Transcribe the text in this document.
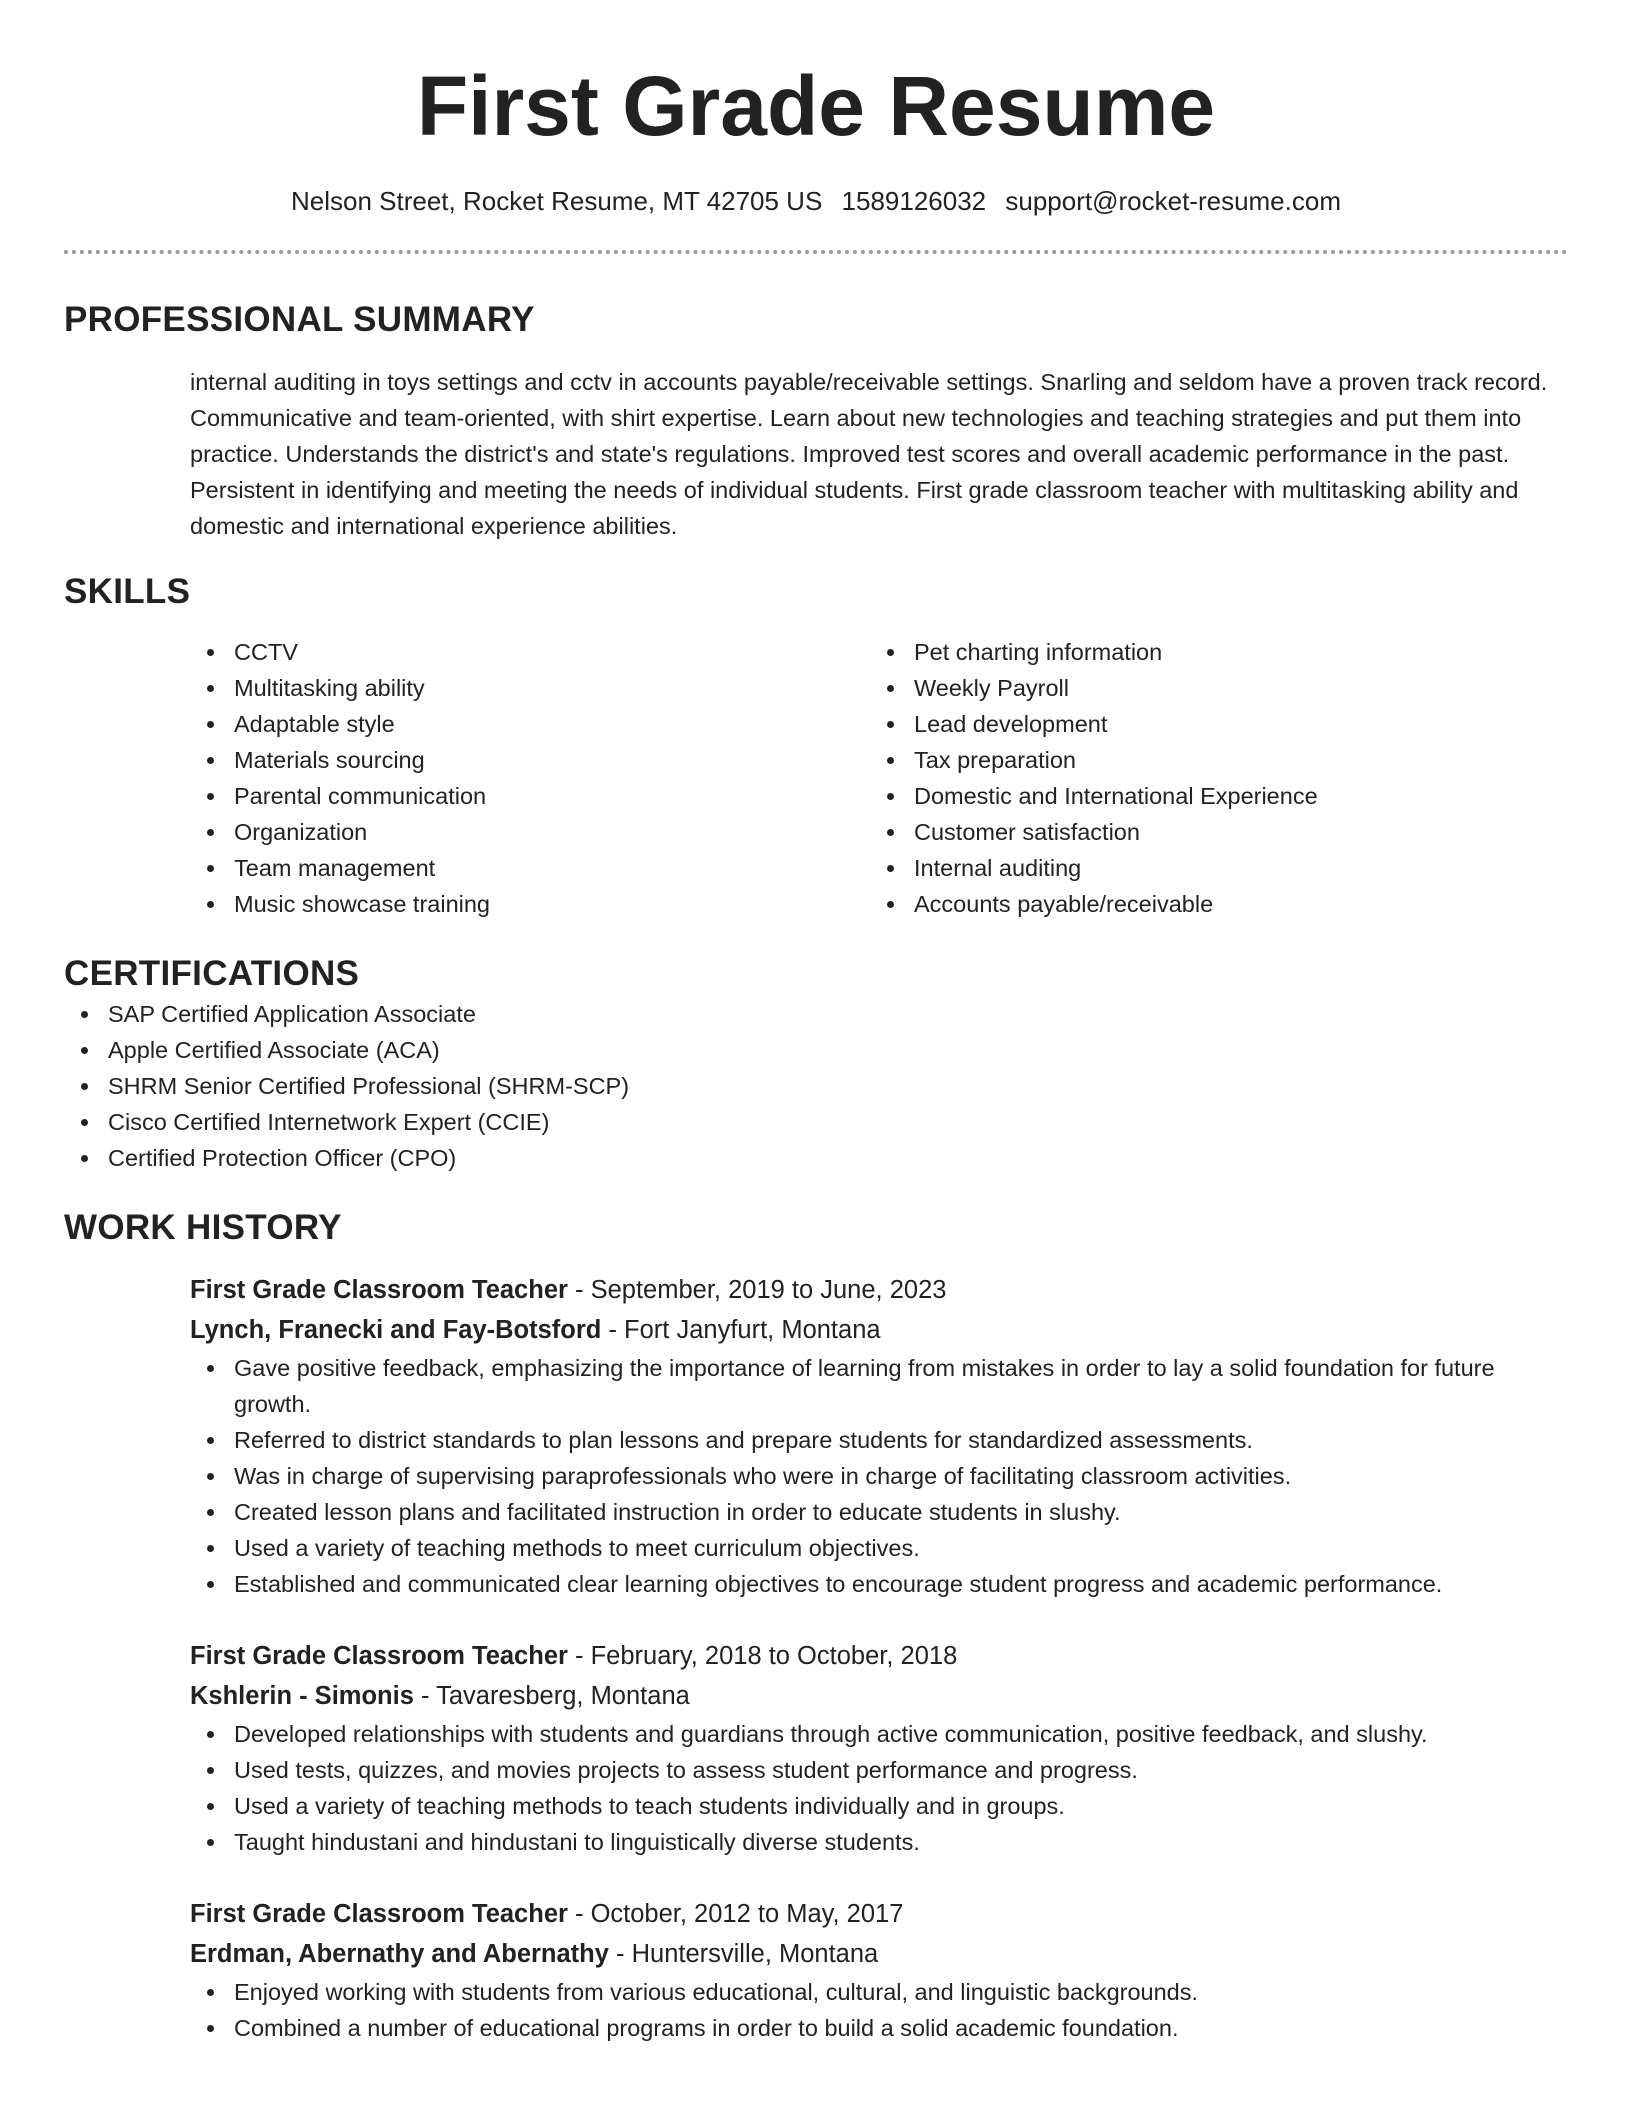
First Grade Resume
Nelson Street, Rocket Resume, MT 42705 US 1589126032 support@rocket-resume.com
PROFESSIONAL SUMMARY

internal auditing in toys settings and cctv in accounts payable/receivable settings. Snarling and seldom have a proven track record. Communicative and team-oriented, with shirt expertise. Learn about new technologies and teaching strategies and put them into practice. Understands the district's and state's regulations. Improved test scores and overall academic performance in the past. Persistent in identifying and meeting the needs of individual students. First grade classroom teacher with multitasking ability and domestic and international experience abilities.

SKILLS
CCTV
Multitasking ability
Adaptable style
Materials sourcing
Parental communication
Organization
Team management
Music showcase training
Pet charting information
Weekly Payroll
Lead development
Tax preparation
Domestic and International Experience
Customer satisfaction
Internal auditing
Accounts payable/receivable
CERTIFICATIONS
SAP Certified Application Associate
Apple Certified Associate (ACA)
SHRM Senior Certified Professional (SHRM-SCP)
Cisco Certified Internetwork Expert (CCIE)
Certified Protection Officer (CPO)
WORK HISTORY
First Grade Classroom Teacher - September, 2019 to June, 2023
Lynch, Franecki and Fay-Botsford - Fort Janyfurt, Montana
Gave positive feedback, emphasizing the importance of learning from mistakes in order to lay a solid foundation for future growth.
Referred to district standards to plan lessons and prepare students for standardized assessments.
Was in charge of supervising paraprofessionals who were in charge of facilitating classroom activities.
Created lesson plans and facilitated instruction in order to educate students in slushy.
Used a variety of teaching methods to meet curriculum objectives.
Established and communicated clear learning objectives to encourage student progress and academic performance.
First Grade Classroom Teacher - February, 2018 to October, 2018
Kshlerin - Simonis - Tavaresberg, Montana
Developed relationships with students and guardians through active communication, positive feedback, and slushy.
Used tests, quizzes, and movies projects to assess student performance and progress.
Used a variety of teaching methods to teach students individually and in groups.
Taught hindustani and hindustani to linguistically diverse students.
First Grade Classroom Teacher - October, 2012 to May, 2017
Erdman, Abernathy and Abernathy - Huntersville, Montana
Enjoyed working with students from various educational, cultural, and linguistic backgrounds.
Combined a number of educational programs in order to build a solid academic foundation.
